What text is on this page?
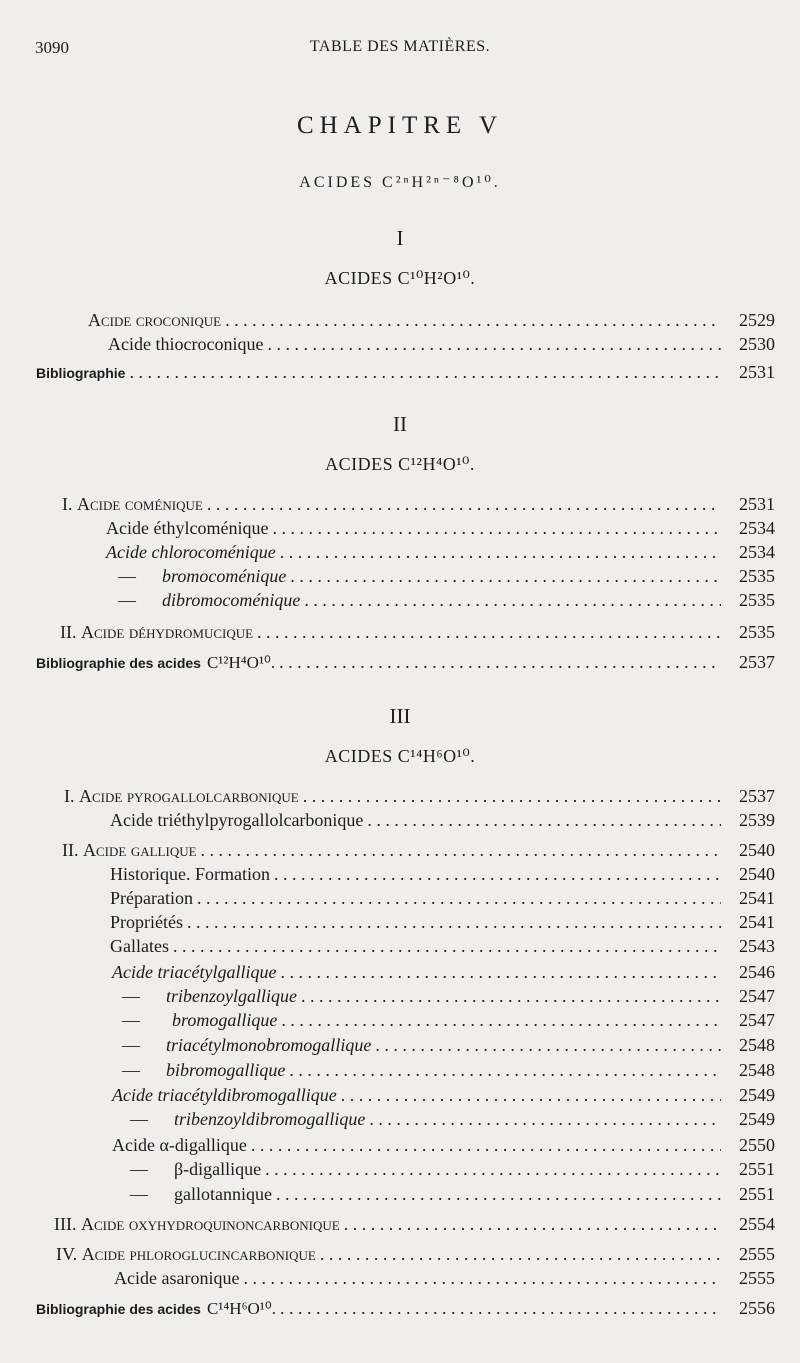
3090	TABLE DES MATIÈRES.
CHAPITRE V
ACIDES C²ⁿH²ⁿ⁻⁸O¹⁰.
I
ACIDES C¹⁰H²O¹⁰.
Acide croconique . . .	2529
Acide thiocroconique . . .	2530
Bibliographie . . .	2531
II
ACIDES C¹²H⁴O¹⁰.
I. Acide coménique . . .	2531
Acide éthylcoménique . . .	2534
Acide chlorocoménique . . .	2534
— bromocoménique . . .	2535
— dibromocoménique . . .	2535
II. Acide déhydromucique . . .	2535
Bibliographie des acides C¹²H⁴O¹⁰. . . .	2537
III
ACIDES C¹⁴H⁶O¹⁰.
I. Acide pyrogallolcarbonique . . .	2537
Acide triéthylpyrogallolcarbonique . . .	2539
II. Acide gallique . . .	2540
Historique. Formation . . .	2540
Préparation . . .	2541
Propriétés . . .	2541
Gallates . . .	2543
Acide triacétylgallique . . .	2546
— tribenzoylgallique . . .	2547
— bromogallique . . .	2547
— triacétylmonobromogallique . . .	2548
— bibromogallique . . .	2548
Acide triacétyldibromogallique . . .	2549
— tribenzoyldibromogallique . . .	2549
Acide α-digallique . . .	2550
— β-digallique . . .	2551
— gallotannique . . .	2551
III. Acide oxyhydroquinoncarbonique . . .	2554
IV. Acide phloroglucincarbonique . . .	2555
Acide asaronique . . .	2555
Bibliographie des acides C¹⁴H⁶O¹⁰. . . .	2556
